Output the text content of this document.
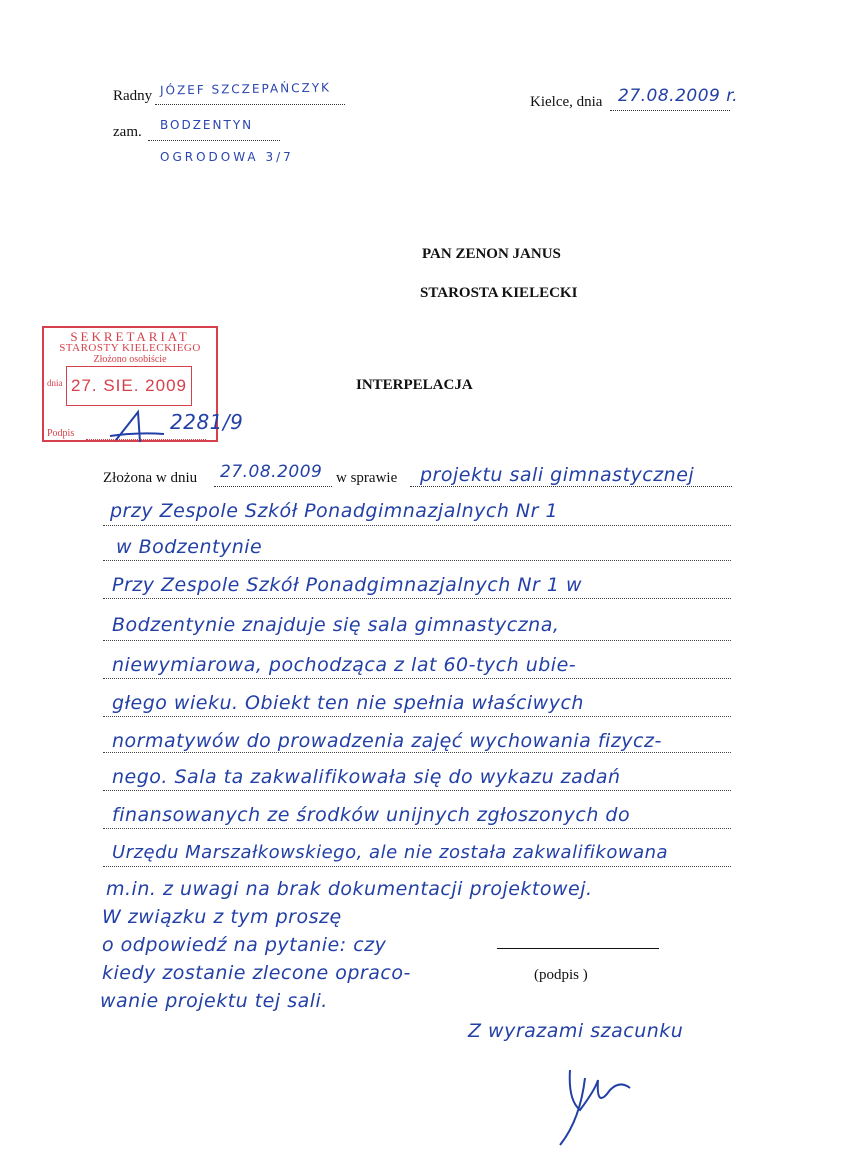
Radny JÓZEF SZCZEPAŃCZYK
zam. BODZENTYN
OGRODOWA 3/7
Kielce, dnia 27.08.2009 r.
PAN ZENON JANUS
STAROSTA KIELECKI
SEKRETARIAT
STAROSTY KIELECKIEGO
Złożono osobiście
dnia 27. SIE. 2009
Podpis	2281/9
INTERPELACJA
Złożona w dniu 27.08.2009 w sprawie projektu sali gimnastycznej
przy Zespole Szkół Ponadgimnazjalnych Nr 1
w Bodzentynie
Przy Zespole Szkół Ponadgimnazjalnych Nr 1 w
Bodzentynie znajduje się sala gimnastyczna,
niewymiarowa, pochodząca z lat 60-tych ubie-
głego wieku. Obiekt ten nie spełnia właściwych
normatywów do prowadzenia zajęć wychowania fizycz-
nego. Sala ta zakwalifikowała się do wykazu zadań
finansowanych ze środków unijnych zgłoszonych do
Urzędu Marszałkowskiego, ale nie została zakwalifikowana
m.in. z uwagi na brak dokumentacji projektowej.
W związku z tym proszę
o odpowiedź na pytanie: czy
kiedy zostanie zlecone opraco-
wanie projektu tej sali.
(podpis )
Z wyrazami szacunku
